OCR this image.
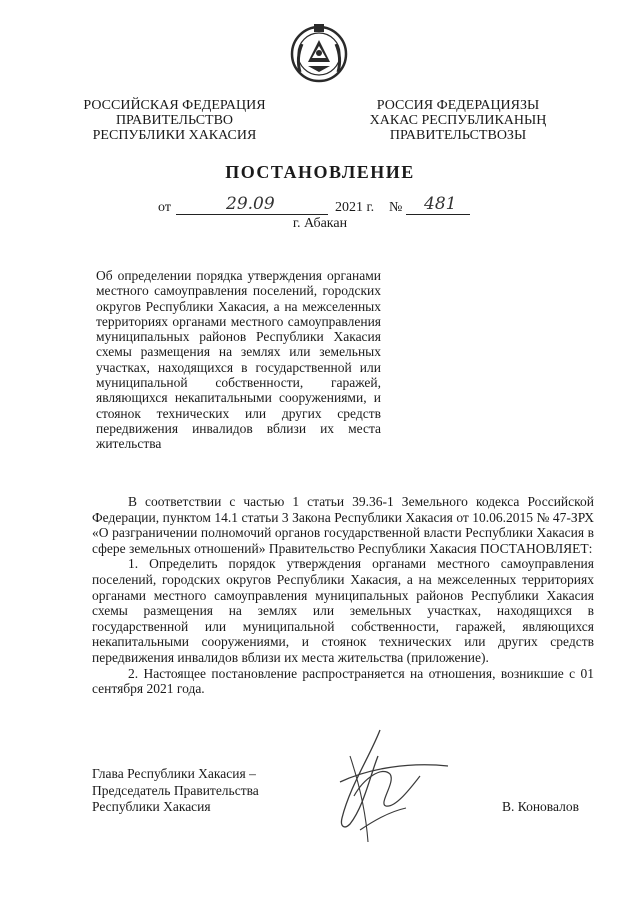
РОССИЙСКАЯ ФЕДЕРАЦИЯ
ПРАВИТЕЛЬСТВО
РЕСПУБЛИКИ ХАКАСИЯ
РОССИЯ ФЕДЕРАЦИЯЗЫ
ХАКАС РЕСПУБЛИКАНЫҢ
ПРАВИТЕЛЬСТВОЗЫ
ПОСТАНОВЛЕНИЕ
от	29.09	2021 г. № 481
г. Абакан
Об определении порядка утверждения органами местного самоуправления поселений, городских округов Республики Хакасия, а на межселенных территориях органами местного самоуправления муниципальных районов Республики Хакасия схемы размещения на землях или земельных участках, находящихся в государственной или муниципальной собственности, гаражей, являющихся некапитальными сооружениями, и стоянок технических или других средств передвижения инвалидов вблизи их места жительства

В соответствии с частью 1 статьи 39.36-1 Земельного кодекса Российской Федерации, пунктом 14.1 статьи 3 Закона Республики Хакасия от 10.06.2015 № 47-ЗРХ «О разграничении полномочий органов государственной власти Республики Хакасия в сфере земельных отношений» Правительство Республики Хакасия ПОСТАНОВЛЯЕТ:

1. Определить порядок утверждения органами местного самоуправления поселений, городских округов Республики Хакасия, а на межселенных территориях органами местного самоуправления муниципальных районов Республики Хакасия схемы размещения на землях или земельных участках, находящихся в государственной или муниципальной собственности, гаражей, являющихся некапитальными сооружениями, и стоянок технических или других средств передвижения инвалидов вблизи их места жительства (приложение).

2. Настоящее постановление распространяется на отношения, возникшие с 01 сентября 2021 года.

Глава Республики Хакасия –
Председатель Правительства
Республики Хакасия	В. Коновалов
